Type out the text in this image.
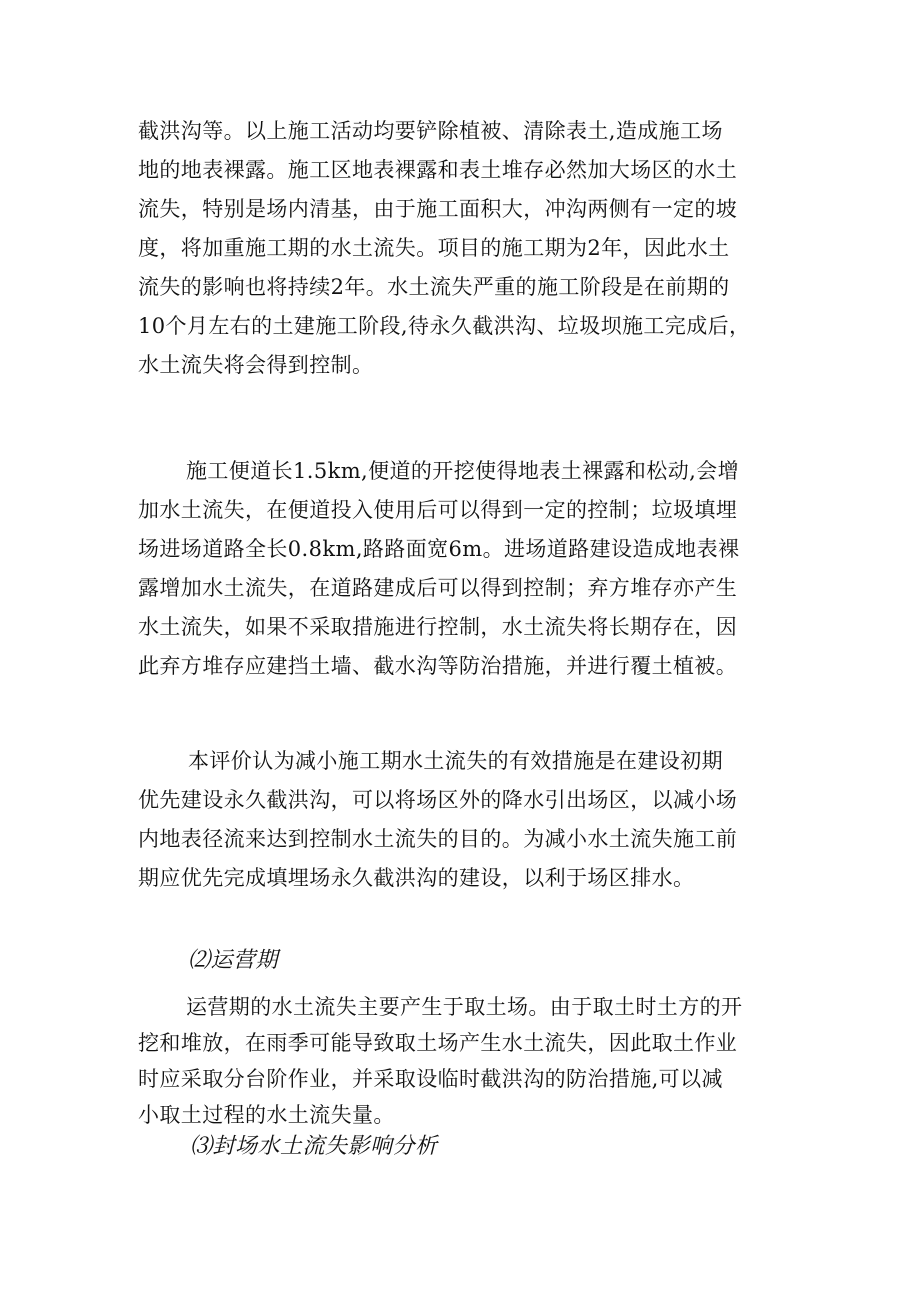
截洪沟等。以上施工活动均要铲除植被、清除表土,造成施工场
地的地表裸露。施工区地表裸露和表土堆存必然加大场区的水土
流失，特别是场内清基，由于施工面积大，冲沟两侧有一定的坡
度，将加重施工期的水土流失。项目的施工期为2年，因此水土
流失的影响也将持续2年。水土流失严重的施工阶段是在前期的
10个月左右的土建施工阶段,待永久截洪沟、垃圾坝施工完成后，
水土流失将会得到控制。
施工便道长1.5km,便道的开挖使得地表土裸露和松动,会增
加水土流失，在便道投入使用后可以得到一定的控制；垃圾填埋
场进场道路全长0.8km,路路面宽6m。进场道路建设造成地表裸
露增加水土流失，在道路建成后可以得到控制；弃方堆存亦产生
水土流失，如果不采取措施进行控制，水土流失将长期存在，因
此弃方堆存应建挡土墙、截水沟等防治措施，并进行覆土植被。
本评价认为减小施工期水土流失的有效措施是在建设初期
优先建设永久截洪沟，可以将场区外的降水引出场区，以减小场
内地表径流来达到控制水土流失的目的。为减小水土流失施工前
期应优先完成填埋场永久截洪沟的建设，以利于场区排水。
⑵运营期
运营期的水土流失主要产生于取土场。由于取土时土方的开
挖和堆放，在雨季可能导致取土场产生水土流失，因此取土作业
时应采取分台阶作业，并采取设临时截洪沟的防治措施,可以减
小取土过程的水土流失量。
⑶封场水土流失影响分析
